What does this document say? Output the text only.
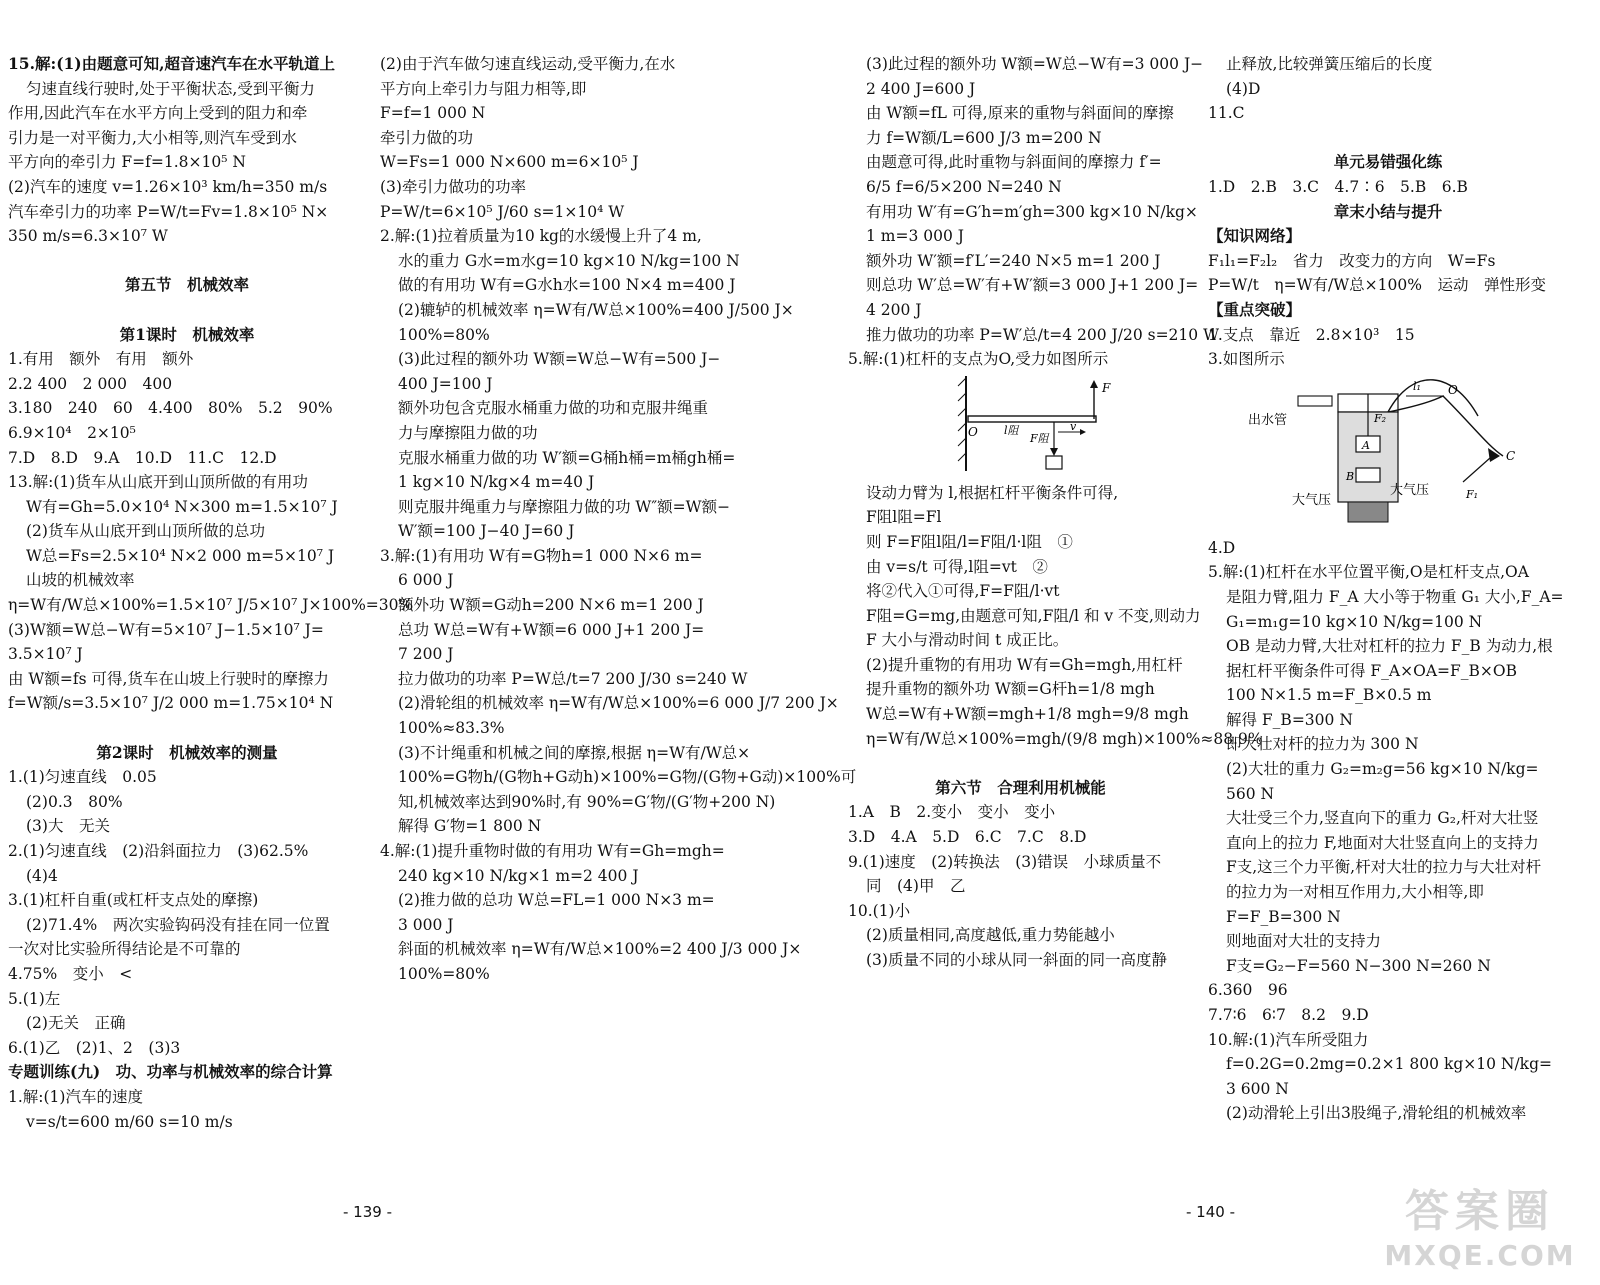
15.解:(1)由题意可知,超音速汽车在水平轨道上
匀速直线行驶时,处于平衡状态,受到平衡力
作用,因此汽车在水平方向上受到的阻力和牵
引力是一对平衡力,大小相等,则汽车受到水
平方向的牵引力 F=f=1.8×10⁵ N
(2)汽车的速度 v=1.26×10³ km/h=350 m/s
汽车牵引力的功率 P=W/t=Fv=1.8×10⁵ N×
350 m/s=6.3×10⁷ W

第五节　机械效率

第1课时　机械效率
1.有用　额外　有用　额外
2.2 400　2 000　400
3.180　240　60　4.400　80%　5.2　90%
6.9×10⁴　2×10⁵
7.D　8.D　9.A　10.D　11.C　12.D
13.解:(1)货车从山底开到山顶所做的有用功
W有=Gh=5.0×10⁴ N×300 m=1.5×10⁷ J
(2)货车从山底开到山顶所做的总功
W总=Fs=2.5×10⁴ N×2 000 m=5×10⁷ J
山坡的机械效率
η=W有/W总×100%=1.5×10⁷ J/5×10⁷ J×100%=30%
(3)W额=W总−W有=5×10⁷ J−1.5×10⁷ J=
3.5×10⁷ J
由 W额=fs 可得,货车在山坡上行驶时的摩擦力
f=W额/s=3.5×10⁷ J/2 000 m=1.75×10⁴ N

第2课时　机械效率的测量
1.(1)匀速直线　0.05
(2)0.3　80%
(3)大　无关
2.(1)匀速直线　(2)沿斜面拉力　(3)62.5%
(4)4
3.(1)杠杆自重(或杠杆支点处的摩擦)
(2)71.4%　两次实验钩码没有挂在同一位置
一次对比实验所得结论是不可靠的
4.75%　变小　<
5.(1)左
(2)无关　正确
6.(1)乙　(2)1、2　(3)3
专题训练(九)　功、功率与机械效率的综合计算
1.解:(1)汽车的速度
v=s/t=600 m/60 s=10 m/s
(2)由于汽车做匀速直线运动,受平衡力,在水
平方向上牵引力与阻力相等,即
F=f=1 000 N
牵引力做的功
W=Fs=1 000 N×600 m=6×10⁵ J
(3)牵引力做功的功率
P=W/t=6×10⁵ J/60 s=1×10⁴ W
2.解:(1)拉着质量为10 kg的水缓慢上升了4 m,
水的重力 G水=m水g=10 kg×10 N/kg=100 N
做的有用功 W有=G水h水=100 N×4 m=400 J
(2)辘轳的机械效率 η=W有/W总×100%=400 J/500 J×
100%=80%
(3)此过程的额外功 W额=W总−W有=500 J−
400 J=100 J
额外功包含克服水桶重力做的功和克服井绳重
力与摩擦阻力做的功
克服水桶重力做的功 W′额=G桶h桶=m桶gh桶=
1 kg×10 N/kg×4 m=40 J
则克服井绳重力与摩擦阻力做的功 W″额=W额−
W′额=100 J−40 J=60 J
3.解:(1)有用功 W有=G物h=1 000 N×6 m=
6 000 J
额外功 W额=G动h=200 N×6 m=1 200 J
总功 W总=W有+W额=6 000 J+1 200 J=
7 200 J
拉力做功的功率 P=W总/t=7 200 J/30 s=240 W
(2)滑轮组的机械效率 η=W有/W总×100%=6 000 J/7 200 J×
100%≈83.3%
(3)不计绳重和机械之间的摩擦,根据 η=W有/W总×
100%=G物h/(G物h+G动h)×100%=G物/(G物+G动)×100%可
知,机械效率达到90%时,有 90%=G′物/(G′物+200 N)
解得 G′物=1 800 N
4.解:(1)提升重物时做的有用功 W有=Gh=mgh=
240 kg×10 N/kg×1 m=2 400 J
(2)推力做的总功 W总=FL=1 000 N×3 m=
3 000 J
斜面的机械效率 η=W有/W总×100%=2 400 J/3 000 J×
100%=80%
- 139 -
(3)此过程的额外功 W额=W总−W有=3 000 J−
2 400 J=600 J
由 W额=fL 可得,原来的重物与斜面间的摩擦
力 f=W额/L=600 J/3 m=200 N
由题意可得,此时重物与斜面间的摩擦力 f′=
6/5 f=6/5×200 N=240 N
有用功 W′有=G′h=m′gh=300 kg×10 N/kg×
1 m=3 000 J
额外功 W′额=f′L′=240 N×5 m=1 200 J
则总功 W′总=W′有+W′额=3 000 J+1 200 J=
4 200 J
推力做功的功率 P=W′总/t=4 200 J/20 s=210 W
5.解:(1)杠杆的支点为O,受力如图所示
F
O l阻
F阻
v
设动力臂为 l,根据杠杆平衡条件可得,
F阻l阻=Fl
则 F=F阻l阻/l=F阻/l·l阻　①
由 v=s/t 可得,l阻=vt　②
将②代入①可得,F=F阻/l·vt
F阻=G=mg,由题意可知,F阻/l 和 v 不变,则动力
F 大小与滑动时间 t 成正比。
(2)提升重物的有用功 W有=Gh=mgh,用杠杆
提升重物的额外功 W额=G杆h=1/8 mgh
W总=W有+W额=mgh+1/8 mgh=9/8 mgh
η=W有/W总×100%=mgh/(9/8 mgh)×100%≈88.9%

第六节　合理利用机械能
1.A　B　2.变小　变小　变小
3.D　4.A　5.D　6.C　7.C　8.D
9.(1)速度　(2)转换法　(3)错误　小球质量不
同　(4)甲　乙
10.(1)小
(2)质量相同,高度越低,重力势能越小
(3)质量不同的小球从同一斜面的同一高度静
止释放,比较弹簧压缩后的长度
(4)D
11.C

单元易错强化练
1.D　2.B　3.C　4.7∶6　5.B　6.B
章末小结与提升
【知识网络】
F₁l₁=F₂l₂　省力　改变力的方向　W=Fs
P=W/t　η=W有/W总×100%　运动　弹性形变
【重点突破】
1.支点　靠近　2.8×10³　15
3.如图所示
l₁ O
F₂
A
B
C
F₁
出水管
大气压
大气压
4.D
5.解:(1)杠杆在水平位置平衡,O是杠杆支点,OA
是阻力臂,阻力 F_A 大小等于物重 G₁ 大小,F_A=
G₁=m₁g=10 kg×10 N/kg=100 N
OB 是动力臂,大壮对杠杆的拉力 F_B 为动力,根
据杠杆平衡条件可得 F_A×OA=F_B×OB
100 N×1.5 m=F_B×0.5 m
解得 F_B=300 N
即大壮对杆的拉力为 300 N
(2)大壮的重力 G₂=m₂g=56 kg×10 N/kg=
560 N
大壮受三个力,竖直向下的重力 G₂,杆对大壮竖
直向上的拉力 F,地面对大壮竖直向上的支持力
F支,这三个力平衡,杆对大壮的拉力与大壮对杆
的拉力为一对相互作用力,大小相等,即
F=F_B=300 N
则地面对大壮的支持力
F支=G₂−F=560 N−300 N=260 N
6.360　96
7.7∶6　6∶7　8.2　9.D
10.解:(1)汽车所受阻力
f=0.2G=0.2mg=0.2×1 800 kg×10 N/kg=
3 600 N
(2)动滑轮上引出3股绳子,滑轮组的机械效率
- 140 -	答案圈
MXQE.COM
